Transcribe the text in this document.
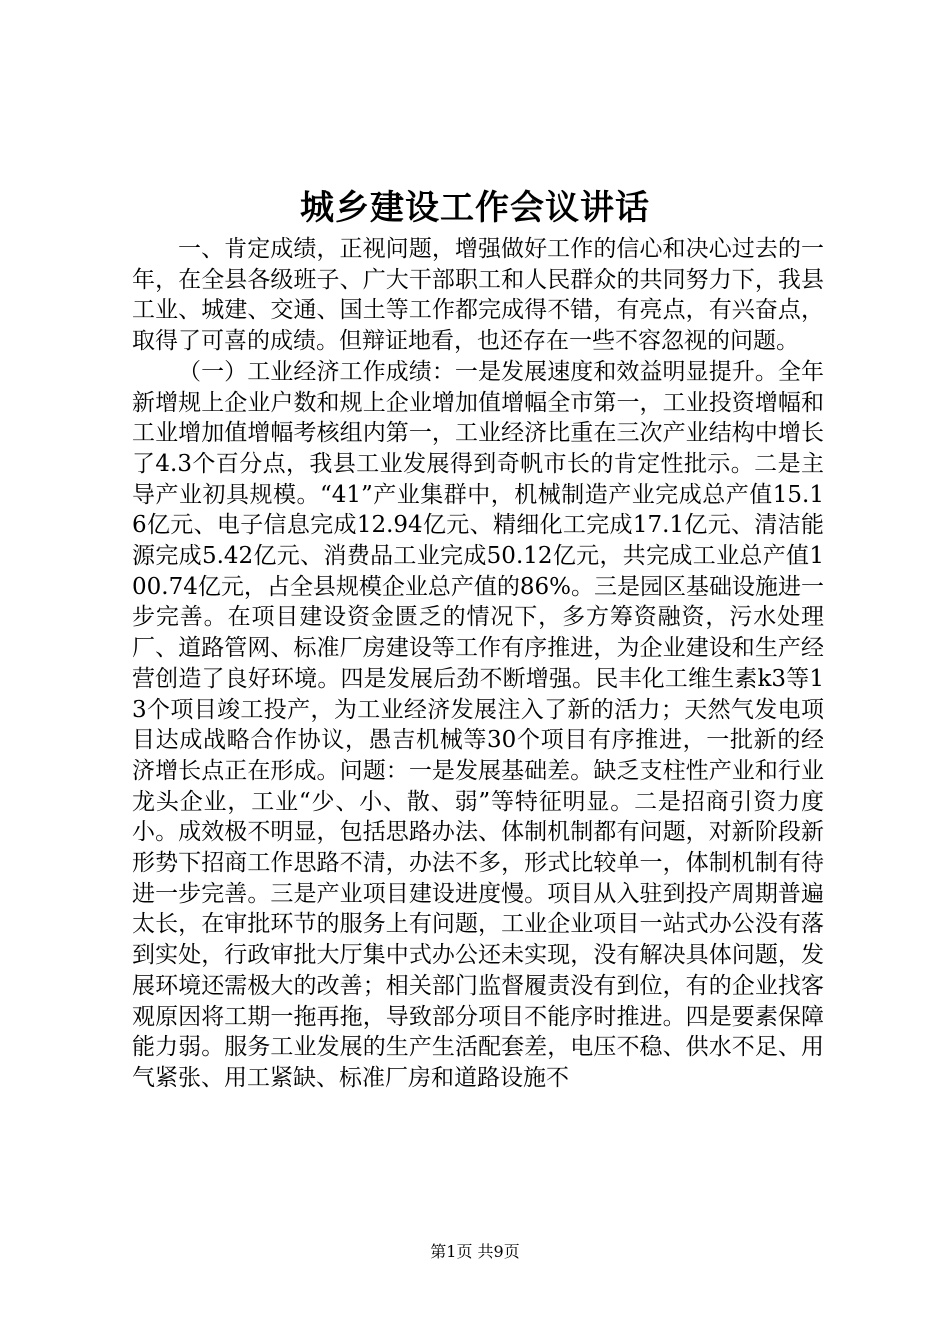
城乡建设工作会议讲话

一、肯定成绩，正视问题，增强做好工作的信心和决心过去的一年，在全县各级班子、广大干部职工和人民群众的共同努力下，我县工业、城建、交通、国土等工作都完成得不错，有亮点，有兴奋点，取得了可喜的成绩。但辩证地看，也还存在一些不容忽视的问题。

（一）工业经济工作成绩：一是发展速度和效益明显提升。全年新增规上企业户数和规上企业增加值增幅全市第一，工业投资增幅和工业增加值增幅考核组内第一，工业经济比重在三次产业结构中增长了4.3个百分点，我县工业发展得到奇帆市长的肯定性批示。二是主导产业初具规模。“41”产业集群中，机械制造产业完成总产值15.16亿元、电子信息完成12.94亿元、精细化工完成17.1亿元、清洁能源完成5.42亿元、消费品工业完成50.12亿元，共完成工业总产值100.74亿元，占全县规模企业总产值的86%。三是园区基础设施进一步完善。在项目建设资金匮乏的情况下，多方筹资融资，污水处理厂、道路管网、标准厂房建设等工作有序推进，为企业建设和生产经营创造了良好环境。四是发展后劲不断增强。民丰化工维生素k3等13个项目竣工投产，为工业经济发展注入了新的活力；天然气发电项目达成战略合作协议，愚吉机械等30个项目有序推进，一批新的经济增长点正在形成。问题：一是发展基础差。缺乏支柱性产业和行业龙头企业，工业“少、小、散、弱”等特征明显。二是招商引资力度小。成效极不明显，包括思路办法、体制机制都有问题，对新阶段新形势下招商工作思路不清，办法不多，形式比较单一，体制机制有待进一步完善。三是产业项目建设进度慢。项目从入驻到投产周期普遍太长，在审批环节的服务上有问题，工业企业项目一站式办公没有落到实处，行政审批大厅集中式办公还未实现，没有解决具体问题，发展环境还需极大的改善；相关部门监督履责没有到位，有的企业找客观原因将工期一拖再拖，导致部分项目不能序时推进。四是要素保障能力弱。服务工业发展的生产生活配套差，电压不稳、供水不足、用气紧张、用工紧缺、标准厂房和道路设施不

第1页 共9页
